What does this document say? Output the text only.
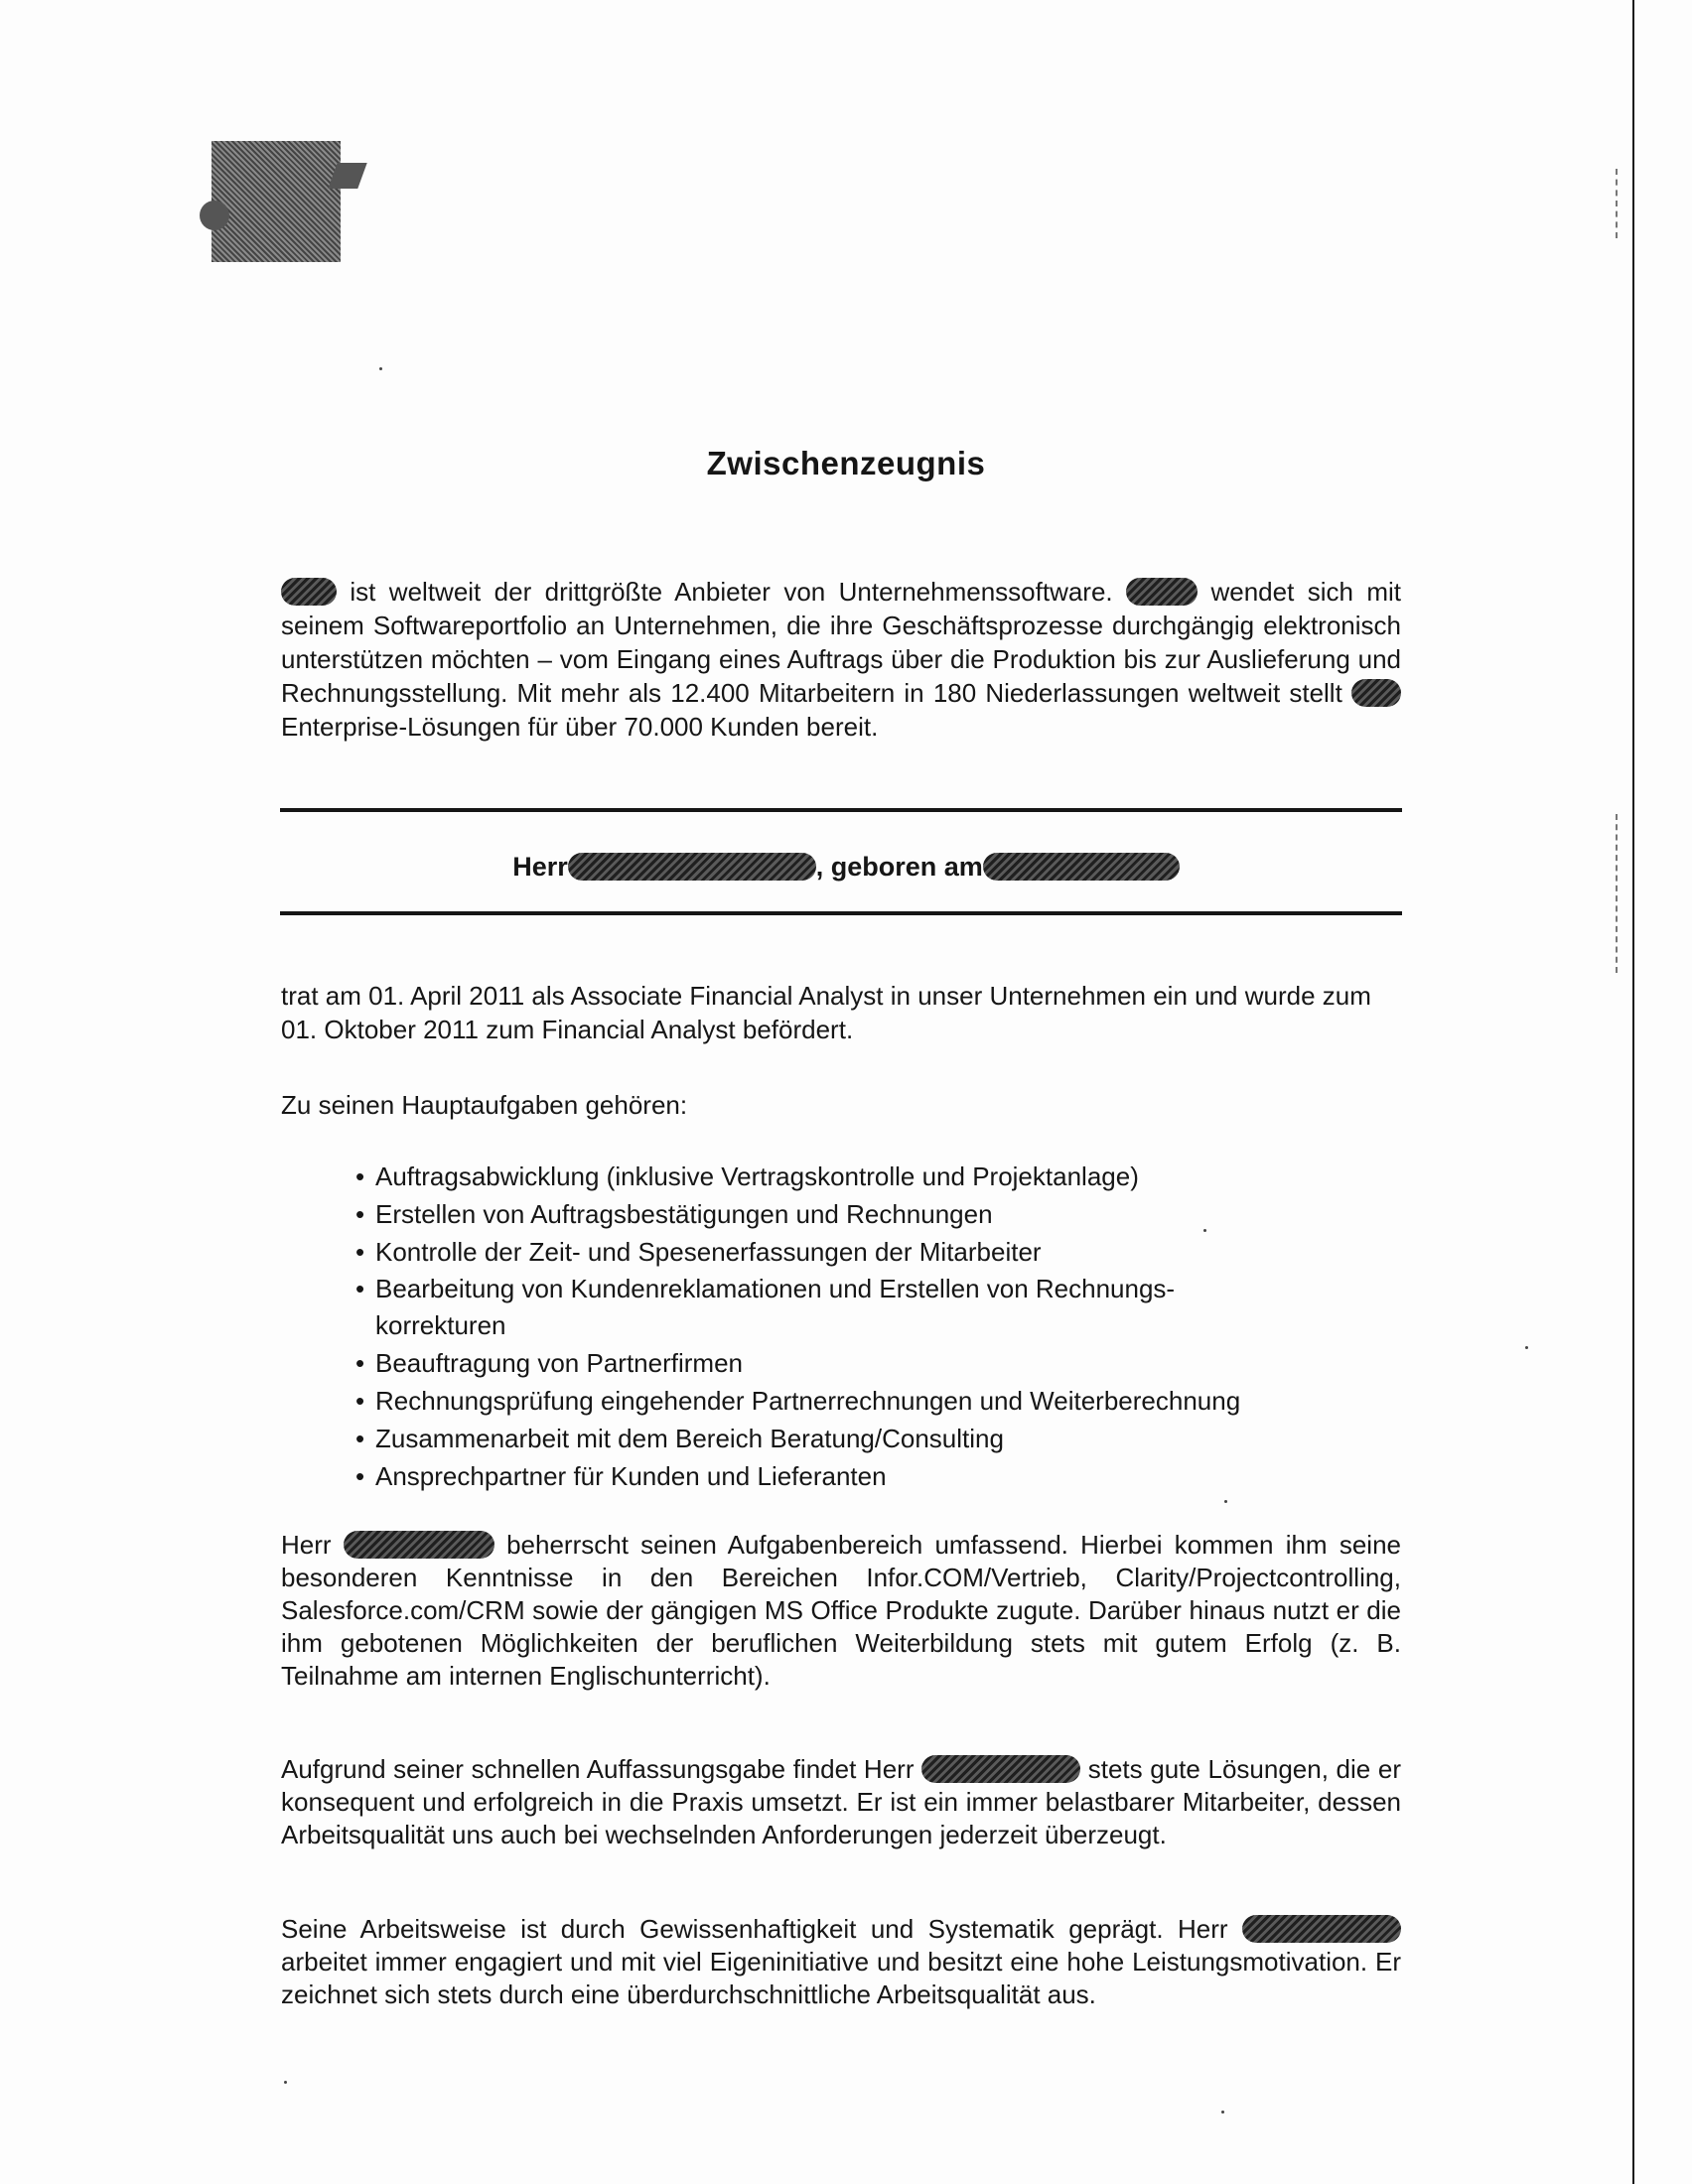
Zwischenzeugnis
ist weltweit der drittgrößte Anbieter von Unternehmenssoftware.	wendet sich mit seinem Softwareportfolio an Unternehmen, die ihre Geschäftsprozesse durchgängig elektronisch unterstützen möchten – vom Eingang eines Auftrags über die Produktion bis zur Auslieferung und Rechnungsstellung. Mit mehr als 12.400 Mitarbeitern in 180 Niederlassungen weltweit stellt  Enterprise-Lösungen für über 70.000 Kunden bereit.
Herr	, geboren am
trat am 01. April 2011 als Associate Financial Analyst in unser Unternehmen ein und wurde zum 01. Oktober 2011 zum Financial Analyst befördert.
Zu seinen Hauptaufgaben gehören:
• Auftragsabwicklung (inklusive Vertragskontrolle und Projektanlage)
• Erstellen von Auftragsbestätigungen und Rechnungen
• Kontrolle der Zeit- und Spesenerfassungen der Mitarbeiter
• Bearbeitung von Kundenreklamationen und Erstellen von Rechnungs-korrekturen
• Beauftragung von Partnerfirmen
• Rechnungsprüfung eingehender Partnerrechnungen und Weiterberechnung
• Zusammenarbeit mit dem Bereich Beratung/Consulting
• Ansprechpartner für Kunden und Lieferanten
Herr	beherrscht seinen Aufgabenbereich umfassend. Hierbei kommen ihm seine besonderen Kenntnisse in den Bereichen Infor.COM/Vertrieb, Clarity/Projectcontrolling, Salesforce.com/CRM sowie der gängigen MS Office Produkte zugute. Darüber hinaus nutzt er die ihm gebotenen Möglichkeiten der beruflichen Weiterbildung stets mit gutem Erfolg (z. B. Teilnahme am internen Englischunterricht).
Aufgrund seiner schnellen Auffassungsgabe findet Herr	stets gute Lösungen, die er konsequent und erfolgreich in die Praxis umsetzt. Er ist ein immer belastbarer Mitarbeiter, dessen Arbeitsqualität uns auch bei wechselnden Anforderungen jederzeit überzeugt.
Seine Arbeitsweise ist durch Gewissenhaftigkeit und Systematik geprägt. Herr  arbeitet immer engagiert und mit viel Eigeninitiative und besitzt eine hohe Leistungsmotivation. Er zeichnet sich stets durch eine überdurchschnittliche Arbeitsqualität aus.
